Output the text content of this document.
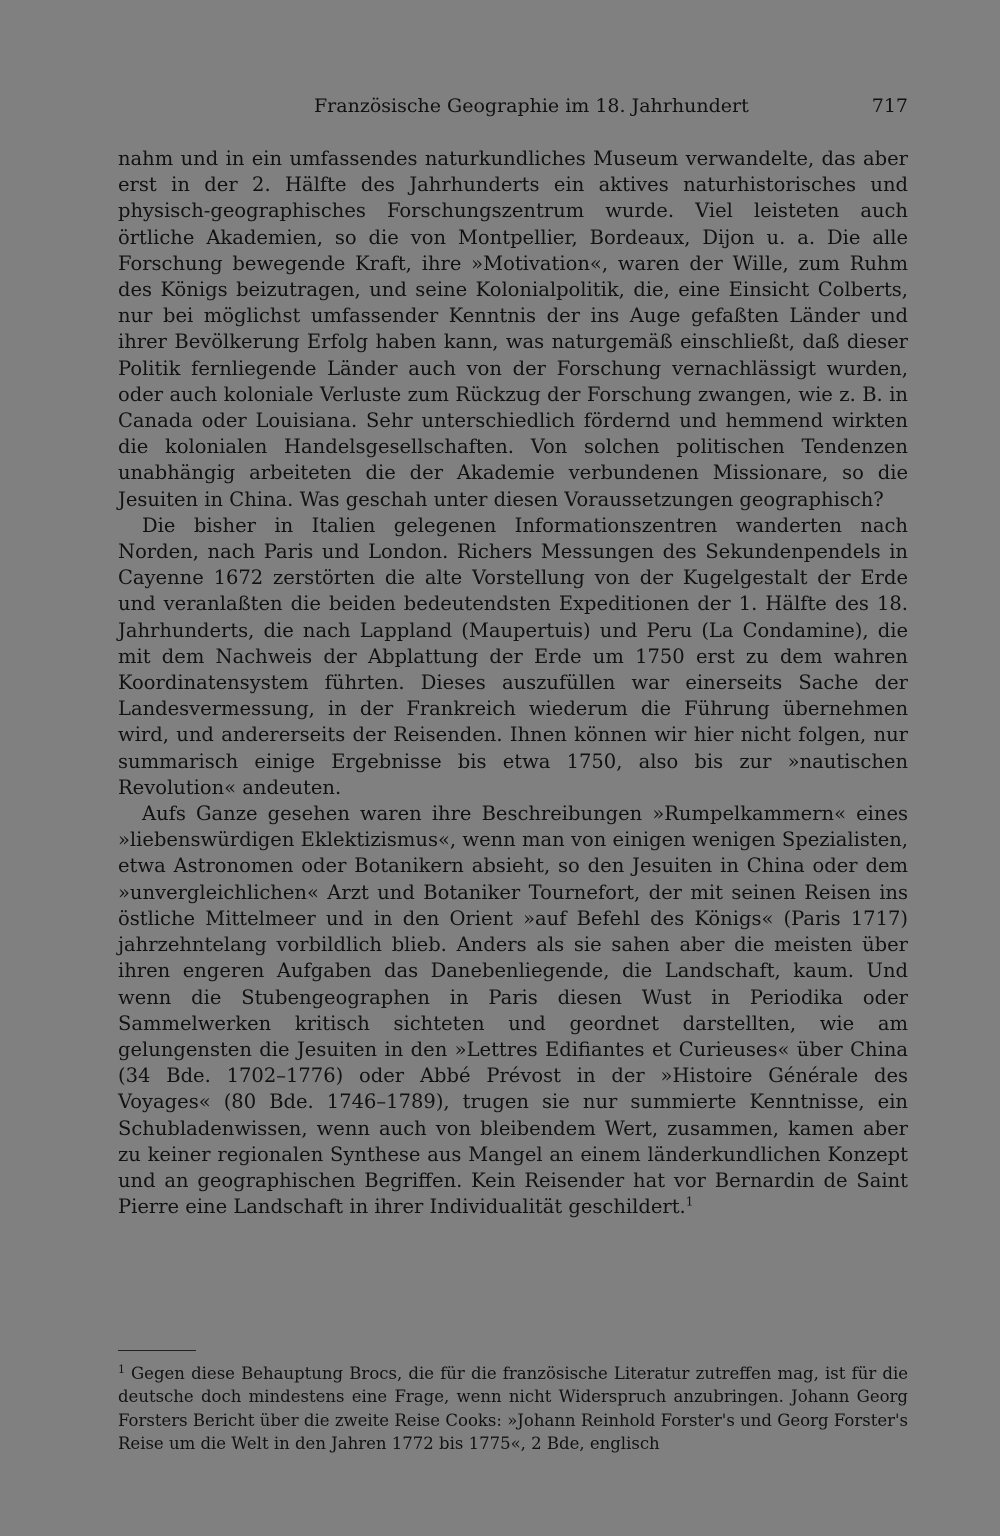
Französische Geographie im 18. Jahrhundert	717

nahm und in ein umfassendes naturkundliches Museum verwandelte, das aber erst in der 2. Hälfte des Jahrhunderts ein aktives naturhistorisches und physisch-geographisches Forschungszentrum wurde. Viel leisteten auch örtliche Akademien, so die von Montpellier, Bordeaux, Dijon u. a. Die alle Forschung bewegende Kraft, ihre »Motivation«, waren der Wille, zum Ruhm des Königs beizutragen, und seine Kolonialpolitik, die, eine Einsicht Colberts, nur bei möglichst umfassender Kenntnis der ins Auge gefaßten Länder und ihrer Bevölkerung Erfolg haben kann, was naturgemäß einschließt, daß dieser Politik fernliegende Länder auch von der Forschung vernachlässigt wurden, oder auch koloniale Verluste zum Rückzug der Forschung zwangen, wie z. B. in Canada oder Louisiana. Sehr unterschiedlich fördernd und hemmend wirkten die kolonialen Handelsgesellschaften. Von solchen politischen Tendenzen unabhängig arbeiteten die der Akademie verbundenen Missionare, so die Jesuiten in China. Was geschah unter diesen Voraussetzungen geographisch?

Die bisher in Italien gelegenen Informationszentren wanderten nach Norden, nach Paris und London. Richers Messungen des Sekundenpendels in Cayenne 1672 zerstörten die alte Vorstellung von der Kugelgestalt der Erde und veranlaßten die beiden bedeutendsten Expeditionen der 1. Hälfte des 18. Jahrhunderts, die nach Lappland (Maupertuis) und Peru (La Condamine), die mit dem Nachweis der Abplattung der Erde um 1750 erst zu dem wahren Koordinatensystem führten. Dieses auszufüllen war einerseits Sache der Landesvermessung, in der Frankreich wiederum die Führung übernehmen wird, und andererseits der Reisenden. Ihnen können wir hier nicht folgen, nur summarisch einige Ergebnisse bis etwa 1750, also bis zur »nautischen Revolution« andeuten.

Aufs Ganze gesehen waren ihre Beschreibungen »Rumpelkammern« eines »liebenswürdigen Eklektizismus«, wenn man von einigen wenigen Spezialisten, etwa Astronomen oder Botanikern absieht, so den Jesuiten in China oder dem »unvergleichlichen« Arzt und Botaniker Tournefort, der mit seinen Reisen ins östliche Mittelmeer und in den Orient »auf Befehl des Königs« (Paris 1717) jahrzehntelang vorbildlich blieb. Anders als sie sahen aber die meisten über ihren engeren Aufgaben das Danebenliegende, die Landschaft, kaum. Und wenn die Stubengeographen in Paris diesen Wust in Periodika oder Sammelwerken kritisch sichteten und geordnet darstellten, wie am gelungensten die Jesuiten in den »Lettres Edifiantes et Curieuses« über China (34 Bde. 1702–1776) oder Abbé Prévost in der »Histoire Générale des Voyages« (80 Bde. 1746–1789), trugen sie nur summierte Kenntnisse, ein Schubladenwissen, wenn auch von bleibendem Wert, zusammen, kamen aber zu keiner regionalen Synthese aus Mangel an einem länderkundlichen Konzept und an geographischen Begriffen. Kein Reisender hat vor Bernardin de Saint Pierre eine Landschaft in ihrer Individualität geschildert.$^1$

$^1$ Gegen diese Behauptung Brocs, die für die französische Literatur zutreffen mag, ist für die deutsche doch mindestens eine Frage, wenn nicht Widerspruch anzubringen. Johann Georg Forsters Bericht über die zweite Reise Cooks: »Johann Reinhold Forster's und Georg Forster's Reise um die Welt in den Jahren 1772 bis 1775«, 2 Bde, englisch
